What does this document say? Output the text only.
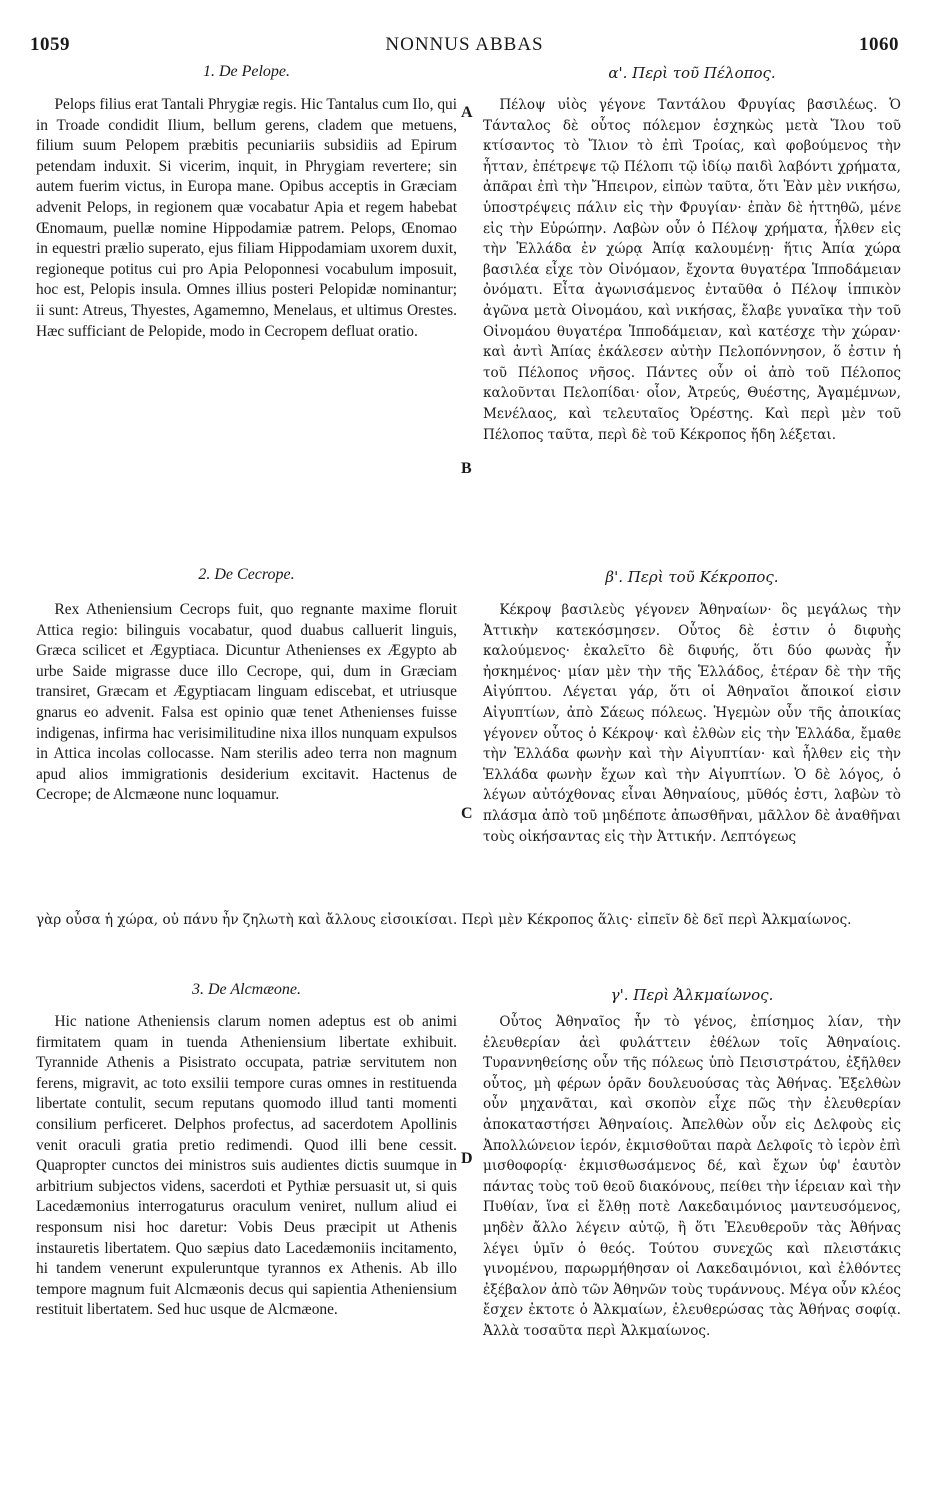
1059	NONNUS ABBAS	1060
1. De Pelope.	α'. Περὶ τοῦ Πέλοπος.

Pelops filius erat Tantali Phrygiæ regis. Hic Tantalus cum Ilo, qui in Troade condidit Ilium, bellum gerens, cladem que metuens, filium suum Pelopem præbitis pecuniariis subsidiis ad Epirum petendam induxit. Si vicerim, inquit, in Phrygiam revertere; sin autem fuerim victus, in Europa mane. Opibus acceptis in Græciam advenit Pelops, in regionem quæ vocabatur Apia et regem habebat Œnomaum, puellæ nomine Hippodamiæ patrem. Pelops, Œnomao in equestri prælio superato, ejus filiam Hippodamiam uxorem duxit, regioneque potitus cui pro Apia Peloponnesi vocabulum imposuit, hoc est, Pelopis insula. Omnes illius posteri Pelopidæ nominantur; ii sunt: Atreus, Thyestes, Agamemno, Menelaus, et ultimus Orestes. Hæc sufficiant de Pelopide, modo in Cecropem defluat oratio.

Πέλοψ υἱὸς γέγονε Ταντάλου Φρυγίας βασιλέως. Ὁ Τάνταλος δὲ οὗτος πόλεμον ἐσχηκὼς μετὰ Ἴλου τοῦ κτίσαντος τὸ Ἴλιον τὸ ἐπὶ Τροίας, καὶ φοβούμενος τὴν ἧτταν, ἐπέτρεψε τῷ Πέλοπι τῷ ἰδίῳ παιδὶ λαβόντι χρήματα, ἀπᾶραι ἐπὶ τὴν Ἤπειρον, εἰπὼν ταῦτα, ὅτι Ἐὰν μὲν νικήσω, ὑποστρέψεις πάλιν εἰς τὴν Φρυγίαν· ἐπὰν δὲ ἡττηθῶ, μένε εἰς τὴν Εὐρώπην. Λαβὼν οὖν ὁ Πέλοψ χρήματα, ἦλθεν εἰς τὴν Ἑλλάδα ἐν χώρᾳ Ἀπίᾳ καλουμένῃ· ἥτις Ἀπία χώρα βασιλέα εἶχε τὸν Οἰνόμαον, ἔχοντα θυγατέρα Ἱπποδάμειαν ὀνόματι. Εἶτα ἀγωνισάμενος ἐνταῦθα ὁ Πέλοψ ἱππικὸν ἀγῶνα μετὰ Οἰνομάου, καὶ νικήσας, ἔλαβε γυναῖκα τὴν τοῦ Οἰνομάου θυγατέρα Ἱπποδάμειαν, καὶ κατέσχε τὴν χώραν· καὶ ἀντὶ Ἀπίας ἐκάλεσεν αὐτὴν Πελοπόννησον, ὅ ἐστιν ἡ τοῦ Πέλοπος νῆσος. Πάντες οὖν οἱ ἀπὸ τοῦ Πέλοπος καλοῦνται Πελοπίδαι· οἷον, Ἀτρεύς, Θυέστης, Ἀγαμέμνων, Μενέλαος, καὶ τελευταῖος Ὀρέστης. Καὶ περὶ μὲν τοῦ Πέλοπος ταῦτα, περὶ δὲ τοῦ Κέκροπος ἤδη λέξεται.

2. De Cecrope.	β'. Περὶ τοῦ Κέκροπος.

Rex Atheniensium Cecrops fuit, quo regnante maxime floruit Attica regio: bilinguis vocabatur, quod duabus calluerit linguis, Græca scilicet et Ægyptiaca. Dicuntur Athenienses ex Ægypto ab urbe Saide migrasse duce illo Cecrope, qui, dum in Græciam transiret, Græcam et Ægyptiacam linguam ediscebat, et utriusque gnarus eo advenit. Falsa est opinio quæ tenet Athenienses fuisse indigenas, infirma hac verisimilitudine nixa illos nunquam expulsos in Attica incolas collocasse. Nam sterilis adeo terra non magnum apud alios immigrationis desiderium excitavit. Hactenus de Cecrope; de Alcmæone nunc loquamur.

Κέκροψ βασιλεὺς γέγονεν Ἀθηναίων· ὃς μεγάλως τὴν Ἀττικὴν κατεκόσμησεν. Οὗτος δὲ ἐστιν ὁ διφυὴς καλούμενος· ἐκαλεῖτο δὲ διφυής, ὅτι δύο φωνὰς ἦν ἠσκημένος· μίαν μὲν τὴν τῆς Ἑλλάδος, ἑτέραν δὲ τὴν τῆς Αἰγύπτου. Λέγεται γάρ, ὅτι οἱ Ἀθηναῖοι ἄποικοί εἰσιν Αἰγυπτίων, ἀπὸ Σάεως πόλεως. Ἡγεμὼν οὖν τῆς ἀποικίας γέγονεν οὗτος ὁ Κέκροψ· καὶ ἐλθὼν εἰς τὴν Ἑλλάδα, ἔμαθε τὴν Ἑλλάδα φωνὴν καὶ τὴν Αἰγυπτίαν· καὶ ἦλθεν εἰς τὴν Ἑλλάδα φωνὴν ἔχων καὶ τὴν Αἰγυπτίων. Ὁ δὲ λόγος, ὁ λέγων αὐτόχθονας εἶναι Ἀθηναίους, μῦθός ἐστι, λαβὼν τὸ πλάσμα ἀπὸ τοῦ μηδέποτε ἀπωσθῆναι, μᾶλλον δὲ ἀναθῆναι τοὺς οἰκήσαντας εἰς τὴν Ἀττικήν. Λεπτόγεως

γὰρ οὖσα ἡ χώρα, οὐ πάνυ ἦν ζηλωτὴ καὶ ἄλλους εἰσοικίσαι. Περὶ μὲν Κέκροπος ἅλις· εἰπεῖν δὲ δεῖ περὶ Ἀλκμαίωνος.
3. De Alcmæone.	γ'. Περὶ Ἀλκμαίωνος.

Hic natione Atheniensis clarum nomen adeptus est ob animi firmitatem quam in tuenda Atheniensium libertate exhibuit. Tyrannide Athenis a Pisistrato occupata, patriæ servitutem non ferens, migravit, ac toto exsilii tempore curas omnes in restituenda libertate contulit, secum reputans quomodo illud tanti momenti consilium perficeret. Delphos profectus, ad sacerdotem Apollinis venit oraculi gratia pretio redimendi. Quod illi bene cessit. Quapropter cunctos dei ministros suis audientes dictis suumque in arbitrium subjectos videns, sacerdoti et Pythiæ persuasit ut, si quis Lacedæmonius interrogaturus oraculum veniret, nullum aliud ei responsum nisi hoc daretur: Vobis Deus præcipit ut Athenis instauretis libertatem. Quo sæpius dato Lacedæmoniis incitamento, hi tandem venerunt expuleruntque tyrannos ex Athenis. Ab illo tempore magnum fuit Alcmæonis decus qui sapientia Atheniensium restituit libertatem. Sed huc usque de Alcmæone.

Οὗτος Ἀθηναῖος ἦν τὸ γένος, ἐπίσημος λίαν, τὴν ἐλευθερίαν ἀεὶ φυλάττειν ἐθέλων τοῖς Ἀθηναίοις. Τυραννηθείσης οὖν τῆς πόλεως ὑπὸ Πεισιστράτου, ἐξῆλθεν οὗτος, μὴ φέρων ὁρᾶν δουλευούσας τὰς Ἀθήνας. Ἐξελθὼν οὖν μηχανᾶται, καὶ σκοπὸν εἶχε πῶς τὴν ἐλευθερίαν ἀποκαταστήσει Ἀθηναίοις. Ἀπελθὼν οὖν εἰς Δελφοὺς εἰς Ἀπολλώνειον ἱερόν, ἐκμισθοῦται παρὰ Δελφοῖς τὸ ἱερὸν ἐπὶ μισθοφορίᾳ· ἐκμισθωσάμενος δέ, καὶ ἔχων ὑφ' ἑαυτὸν πάντας τοὺς τοῦ θεοῦ διακόνους, πείθει τὴν ἱέρειαν καὶ τὴν Πυθίαν, ἵνα εἰ ἔλθῃ ποτὲ Λακεδαιμόνιος μαντευσόμενος, μηδὲν ἄλλο λέγειν αὐτῷ, ἢ ὅτι Ἐλευθεροῦν τὰς Ἀθήνας λέγει ὑμῖν ὁ θεός. Τούτου συνεχῶς καὶ πλειστάκις γινομένου, παρωρμήθησαν οἱ Λακεδαιμόνιοι, καὶ ἐλθόντες ἐξέβαλον ἀπὸ τῶν Ἀθηνῶν τοὺς τυράννους. Μέγα οὖν κλέος ἔσχεν ἐκτοτε ὁ Ἀλκμαίων, ἐλευθερώσας τὰς Ἀθήνας σοφίᾳ. Ἀλλὰ τοσαῦτα περὶ Ἀλκμαίωνος.

A
B
C
D
